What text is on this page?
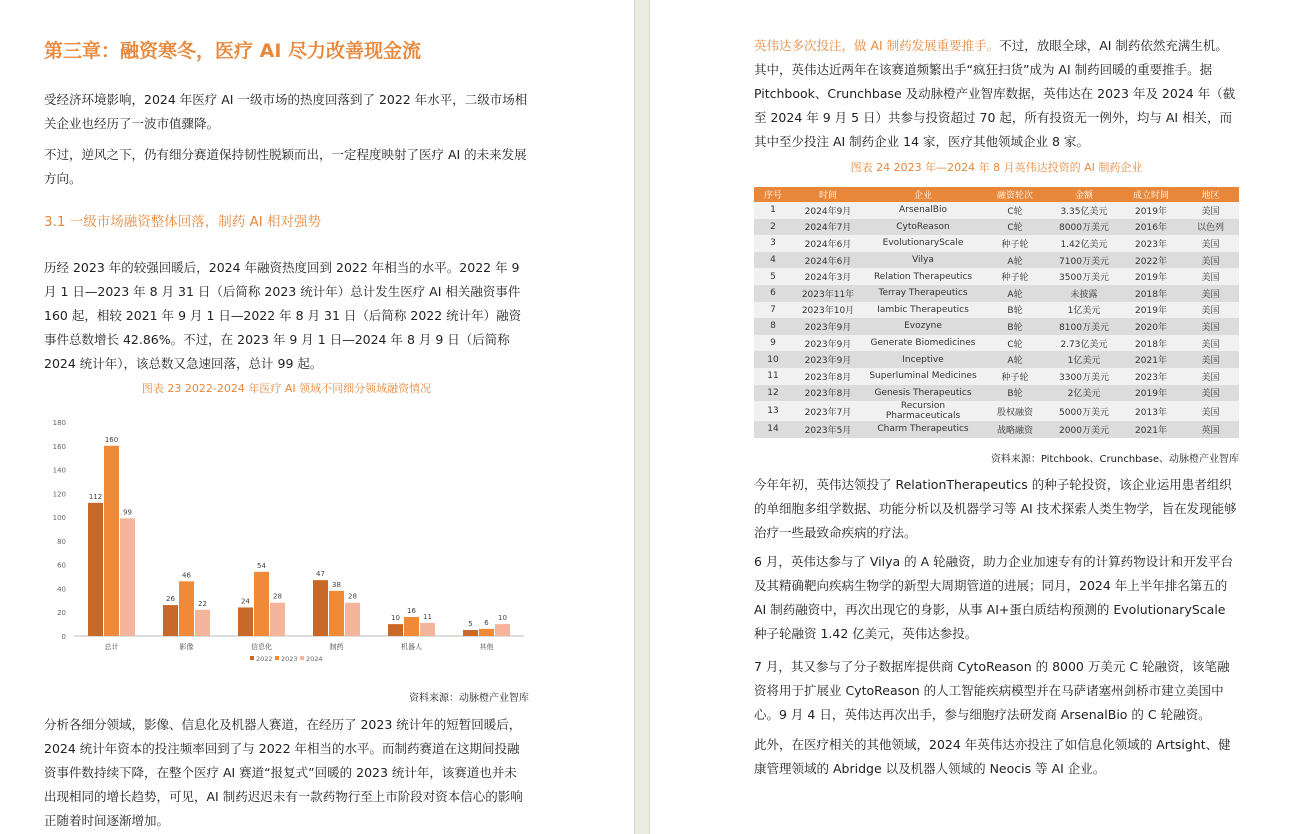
第三章：融资寒冬，医疗 AI 尽力改善现金流

受经济环境影响，2024 年医疗 AI 一级市场的热度回落到了 2022 年水平，二级市场相关企业也经历了一波市值骤降。

不过，逆风之下，仍有细分赛道保持韧性脱颖而出，一定程度映射了医疗 AI 的未来发展方向。

3.1 一级市场融资整体回落，制药 AI 相对强势

历经 2023 年的较强回暖后，2024 年融资热度回到 2022 年相当的水平。2022 年 9 月 1 日—2023 年 8 月 31 日（后简称 2023 统计年）总计发生医疗 AI 相关融资事件 160 起，相较 2021 年 9 月 1 日—2022 年 8 月 31 日（后简称 2022 统计年）融资事件总数增长 42.86%。不过，在 2023 年 9 月 1 日—2024 年 8 月 9 日（后简称 2024 统计年），该总数又急速回落，总计 99 起。

图表 23 2022-2024 年医疗 AI 领域不同细分领域融资情况
0
20
40
60
80
100
120
140
160
180
112
160
99
总计
26
46
22
影像
24
54
28
信息化
47
38
28
制药
10
16
11
机器人
5 6
10
其他
2022 2023 2024
资料来源：动脉橙产业智库

分析各细分领域，影像、信息化及机器人赛道，在经历了 2023 统计年的短暂回暖后，2024 统计年资本的投注频率回到了与 2022 年相当的水平。而制药赛道在这期间投融资事件数持续下降，在整个医疗 AI 赛道“报复式”回暖的 2023 统计年，该赛道也并未出现相同的增长趋势，可见，AI 制药迟迟未有一款药物行至上市阶段对资本信心的影响正随着时间逐渐增加。

英伟达多次投注，做 AI 制药发展重要推手。不过，放眼全球，AI 制药依然充满生机。其中，英伟达近两年在该赛道频繁出手“疯狂扫货”成为 AI 制药回暖的重要推手。据 Pitchbook、Crunchbase 及动脉橙产业智库数据，英伟达在 2023 年及 2024 年（截至 2024 年 9 月 5 日）共参与投资超过 70 起，所有投资无一例外，均与 AI 相关，而其中至少投注 AI 制药企业 14 家，医疗其他领域企业 8 家。

图表 24 2023 年—2024 年 8 月英伟达投资的 AI 制药企业
资料来源：Pitchbook、Crunchbase、动脉橙产业智库

今年年初，英伟达领投了 RelationTherapeutics 的种子轮投资，该企业运用患者组织的单细胞多组学数据、功能分析以及机器学习等 AI 技术探索人类生物学，旨在发现能够治疗一些最致命疾病的疗法。

6 月，英伟达参与了 Vilya 的 A 轮融资，助力企业加速专有的计算药物设计和开发平台及其精确靶向疾病生物学的新型大周期管道的进展；同月，2024 年上半年排名第五的 AI 制药融资中，再次出现它的身影，从事 AI+蛋白质结构预测的 EvolutionaryScale 种子轮融资 1.42 亿美元，英伟达参投。

7 月，其又参与了分子数据库提供商 CytoReason 的 8000 万美元 C 轮融资，该笔融资将用于扩展业 CytoReason 的人工智能疾病模型并在马萨诸塞州剑桥市建立美国中心。9 月 4 日，英伟达再次出手，参与细胞疗法研发商 ArsenalBio 的 C 轮融资。

此外，在医疗相关的其他领域，2024 年英伟达亦投注了如信息化领域的 Artsight、健康管理领域的 Abridge 以及机器人领域的 Neocis 等 AI 企业。

序号	时间	企业	融资轮次	金额	成立时间	地区
1	2024年9月	ArsenalBio	C轮	3.35亿美元	2019年	美国
2	2024年7月	CytoReason	C轮	8000万美元	2016年	以色列
3	2024年6月	EvolutionaryScale	种子轮	1.42亿美元	2023年	美国
4	2024年6月	Vilya	A轮	7100万美元	2022年	美国
5	2024年3月	Relation Therapeutics	种子轮	3500万美元	2019年	美国
6	2023年11年	Terray Therapeutics	A轮	未披露	2018年	美国
7	2023年10月	Iambic Therapeutics	B轮	1亿美元	2019年	美国
8	2023年9月	Evozyne	B轮	8100万美元	2020年	美国
9	2023年9月	Generate Biomedicines	C轮	2.73亿美元	2018年	美国
10	2023年9月	Inceptive	A轮	1亿美元	2021年	美国
11	2023年8月	Superluminal Medicines	种子轮	3300万美元	2023年	美国
12	2023年8月	Genesis Therapeutics	B轮	2亿美元	2019年	美国
13	2023年7月	Recursion Pharmaceuticals	股权融资	5000万美元	2013年	美国
14	2023年5月	Charm Therapeutics	战略融资	2000万美元	2021年	英国
